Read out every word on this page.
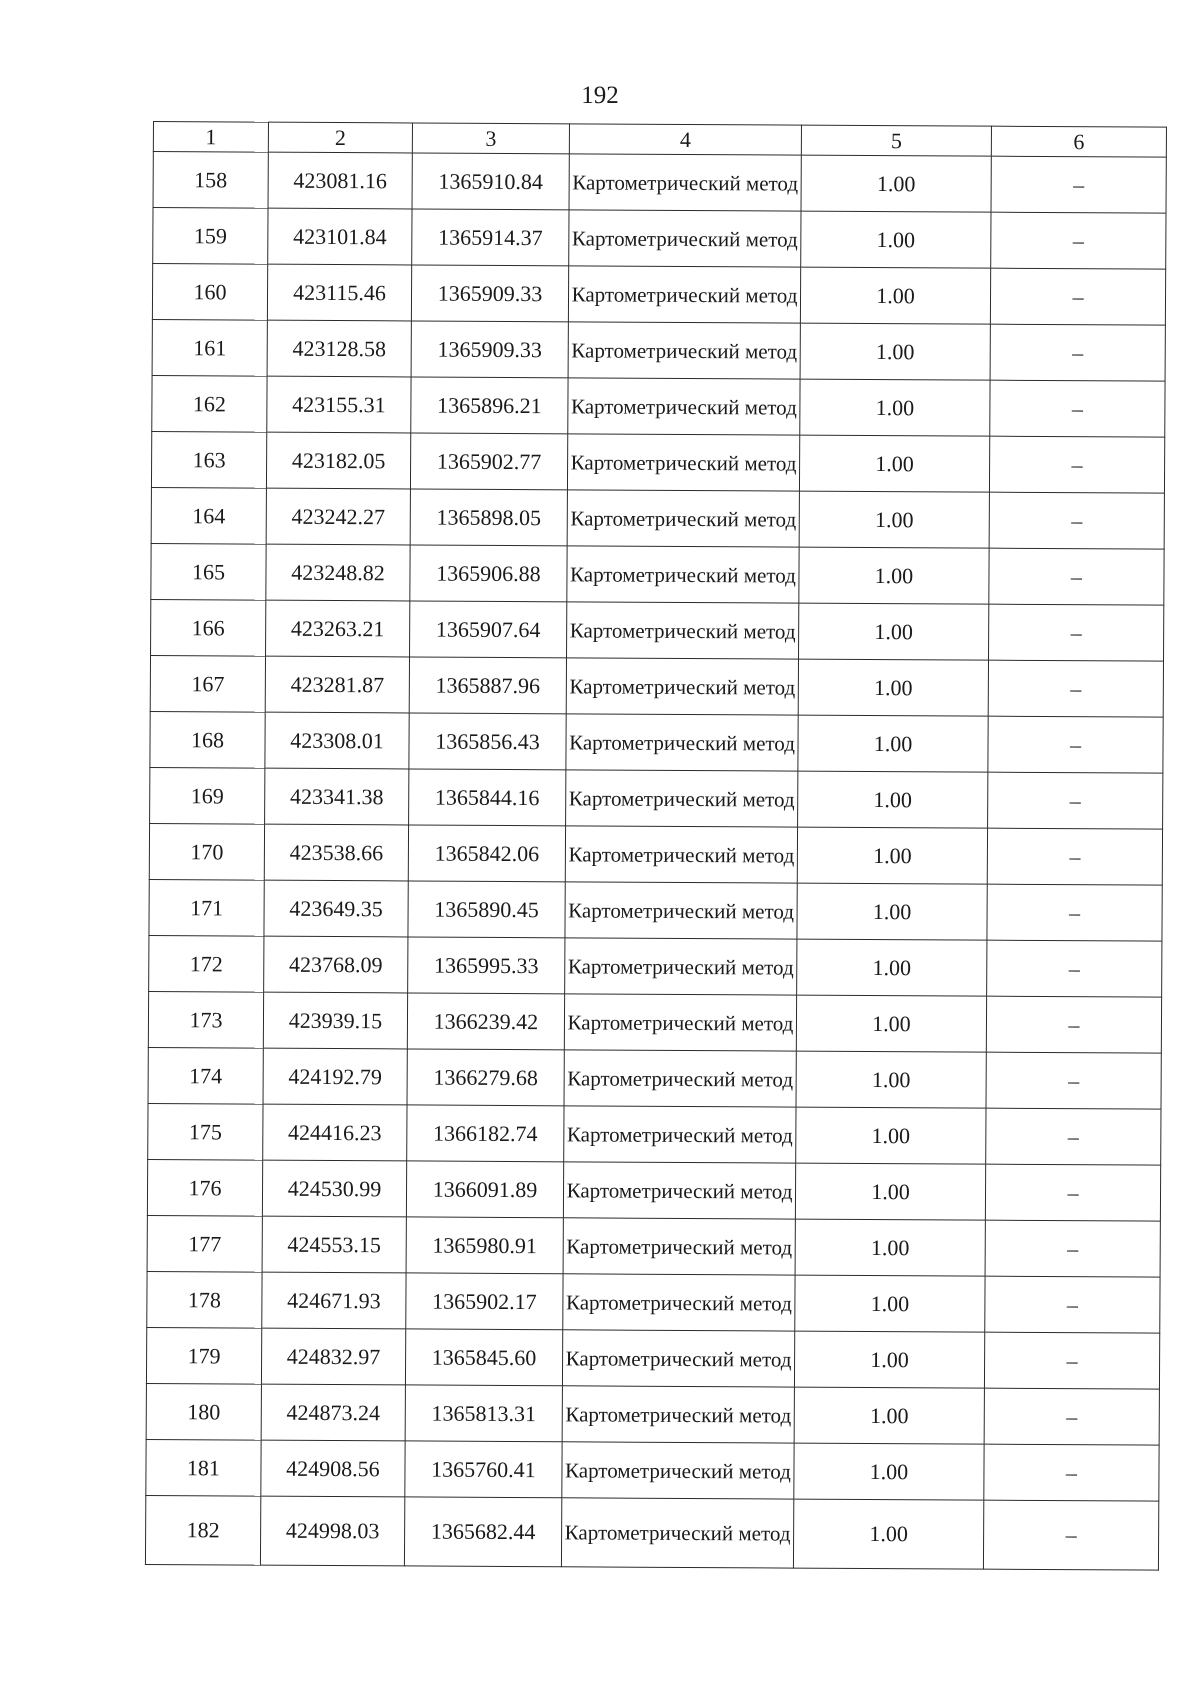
192
1	2	3	4	5	6
158	423081.16	1365910.84	Картометрический метод	1.00	–
159	423101.84	1365914.37	Картометрический метод	1.00	–
160	423115.46	1365909.33	Картометрический метод	1.00	–
161	423128.58	1365909.33	Картометрический метод	1.00	–
162	423155.31	1365896.21	Картометрический метод	1.00	–
163	423182.05	1365902.77	Картометрический метод	1.00	–
164	423242.27	1365898.05	Картометрический метод	1.00	–
165	423248.82	1365906.88	Картометрический метод	1.00	–
166	423263.21	1365907.64	Картометрический метод	1.00	–
167	423281.87	1365887.96	Картометрический метод	1.00	–
168	423308.01	1365856.43	Картометрический метод	1.00	–
169	423341.38	1365844.16	Картометрический метод	1.00	–
170	423538.66	1365842.06	Картометрический метод	1.00	–
171	423649.35	1365890.45	Картометрический метод	1.00	–
172	423768.09	1365995.33	Картометрический метод	1.00	–
173	423939.15	1366239.42	Картометрический метод	1.00	–
174	424192.79	1366279.68	Картометрический метод	1.00	–
175	424416.23	1366182.74	Картометрический метод	1.00	–
176	424530.99	1366091.89	Картометрический метод	1.00	–
177	424553.15	1365980.91	Картометрический метод	1.00	–
178	424671.93	1365902.17	Картометрический метод	1.00	–
179	424832.97	1365845.60	Картометрический метод	1.00	–
180	424873.24	1365813.31	Картометрический метод	1.00	–
181	424908.56	1365760.41	Картометрический метод	1.00	–
182	424998.03	1365682.44	Картометрический метод	1.00	–
